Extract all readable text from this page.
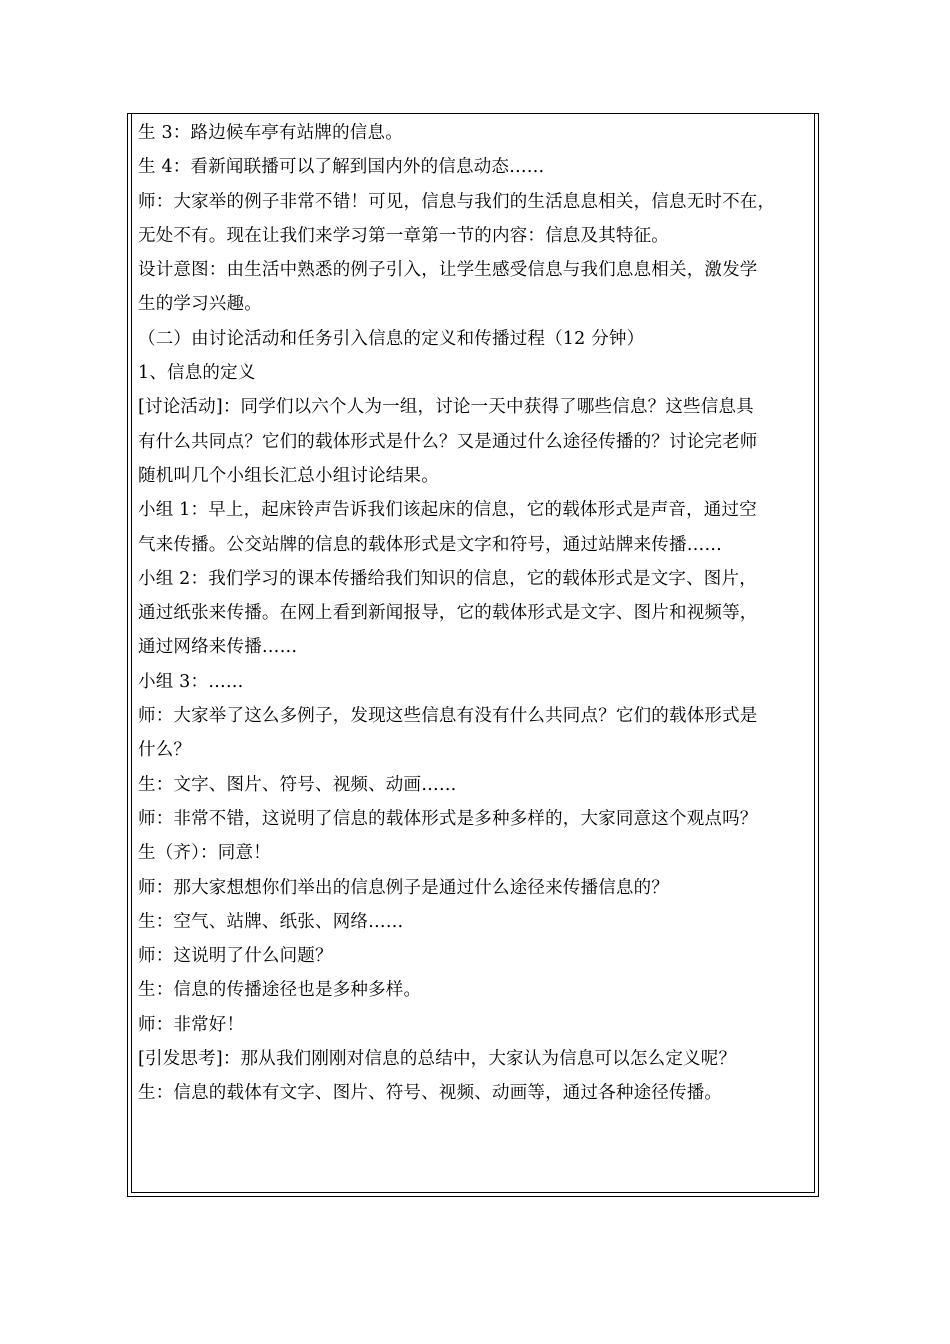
生 3：路边候车亭有站牌的信息。
生 4：看新闻联播可以了解到国内外的信息动态……
师：大家举的例子非常不错！可见，信息与我们的生活息息相关，信息无时不在，
无处不有。现在让我们来学习第一章第一节的内容：信息及其特征。
设计意图：由生活中熟悉的例子引入，让学生感受信息与我们息息相关，激发学
生的学习兴趣。
（二）由讨论活动和任务引入信息的定义和传播过程（12 分钟）
1、信息的定义
[讨论活动]：同学们以六个人为一组，讨论一天中获得了哪些信息？这些信息具
有什么共同点？它们的载体形式是什么？又是通过什么途径传播的？讨论完老师
随机叫几个小组长汇总小组讨论结果。
小组 1：早上，起床铃声告诉我们该起床的信息，它的载体形式是声音，通过空
气来传播。公交站牌的信息的载体形式是文字和符号，通过站牌来传播……
小组 2：我们学习的课本传播给我们知识的信息，它的载体形式是文字、图片，
通过纸张来传播。在网上看到新闻报导，它的载体形式是文字、图片和视频等，
通过网络来传播……
小组 3：……
师：大家举了这么多例子，发现这些信息有没有什么共同点？它们的载体形式是
什么？
生：文字、图片、符号、视频、动画……
师：非常不错，这说明了信息的载体形式是多种多样的，大家同意这个观点吗？
生（齐）：同意！
师：那大家想想你们举出的信息例子是通过什么途径来传播信息的？
生：空气、站牌、纸张、网络……
师：这说明了什么问题？
生：信息的传播途径也是多种多样。
师：非常好！
[引发思考]：那从我们刚刚对信息的总结中，大家认为信息可以怎么定义呢？
生：信息的载体有文字、图片、符号、视频、动画等，通过各种途径传播。
